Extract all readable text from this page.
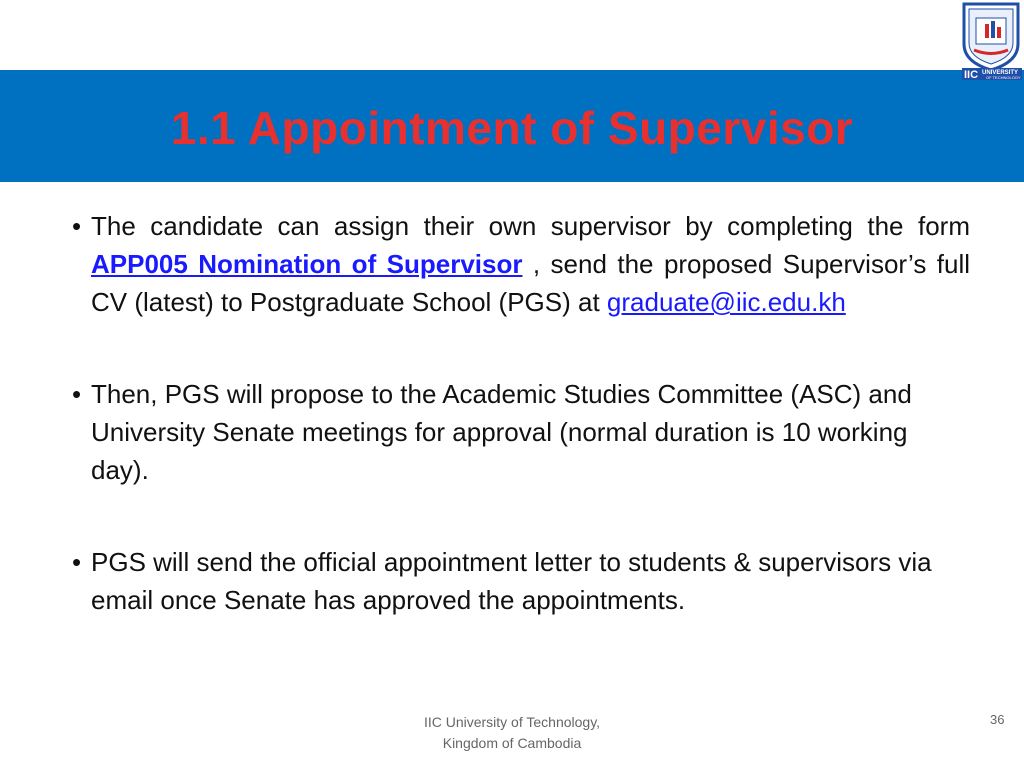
1.1 Appointment of Supervisor
IIC UNIVERSITY
OF TECHNOLOGY

• The candidate can assign their own supervisor by completing the form APP005 Nomination of Supervisor , send the proposed Supervisor’s full CV (latest) to Postgraduate School (PGS) at graduate@iic.edu.kh

• Then, PGS will propose to the Academic Studies Committee (ASC) and University Senate meetings for approval (normal duration is 10 working day).

• PGS will send the official appointment letter to students & supervisors via email once Senate has approved the appointments.

IIC University of Technology,
Kingdom of Cambodia
36
